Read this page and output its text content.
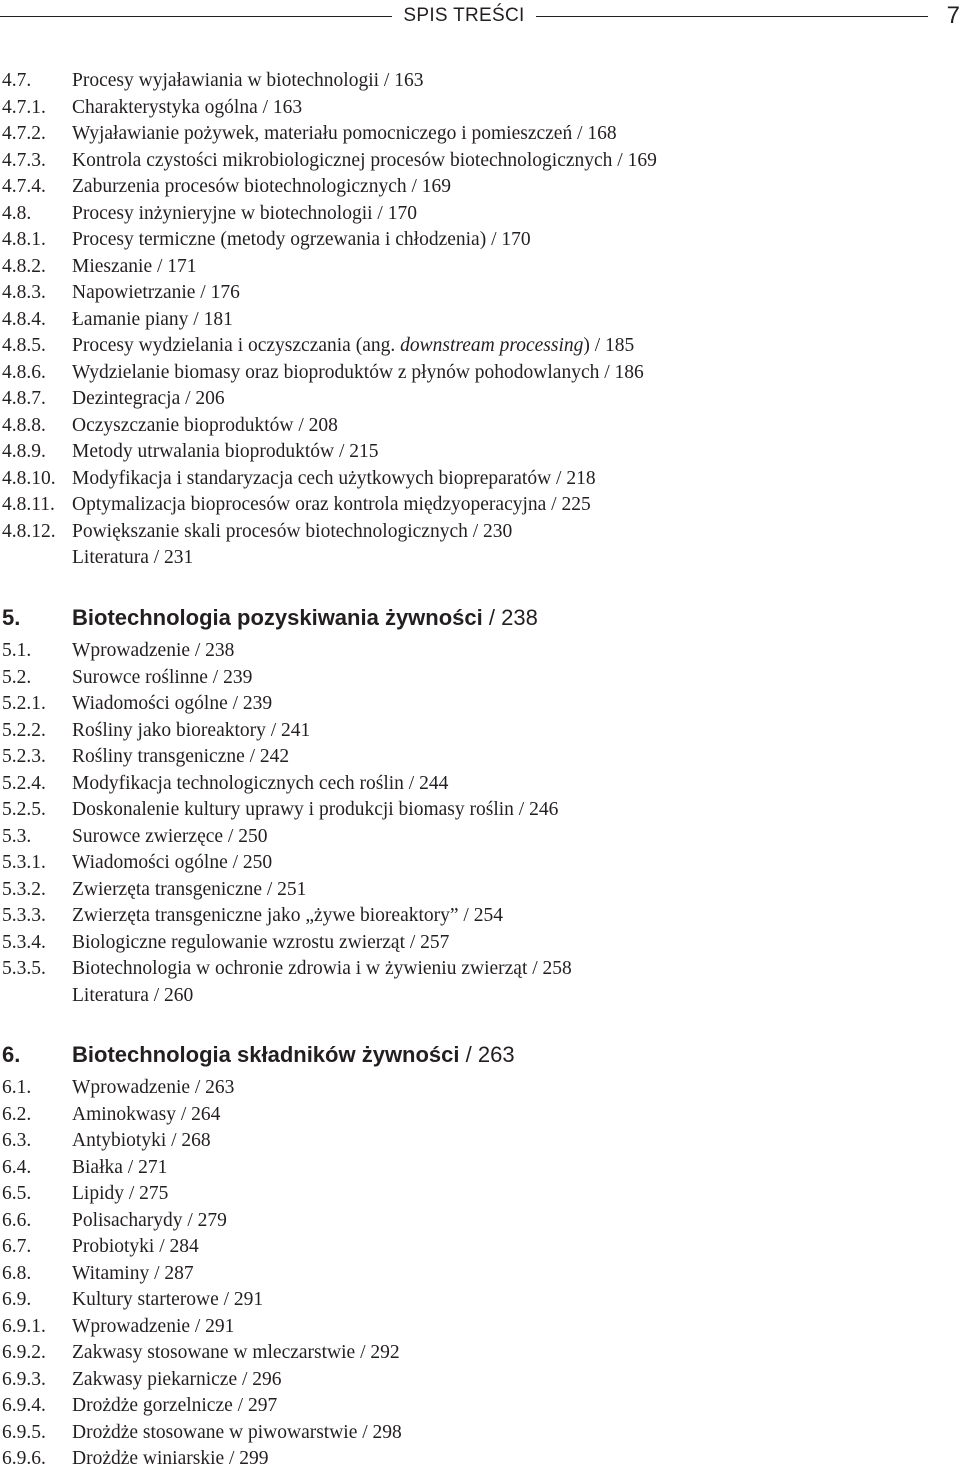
SPIS TREŚCI	7
4.7. Procesy wyjaławiania w biotechnologii / 163
4.7.1. Charakterystyka ogólna / 163
4.7.2. Wyjaławianie pożywek, materiału pomocniczego i pomieszczeń / 168
4.7.3. Kontrola czystości mikrobiologicznej procesów biotechnologicznych / 169
4.7.4. Zaburzenia procesów biotechnologicznych / 169
4.8. Procesy inżynieryjne w biotechnologii / 170
4.8.1. Procesy termiczne (metody ogrzewania i chłodzenia) / 170
4.8.2. Mieszanie / 171
4.8.3. Napowietrzanie / 176
4.8.4. Łamanie piany / 181
4.8.5. Procesy wydzielania i oczyszczania (ang. downstream processing) / 185
4.8.6. Wydzielanie biomasy oraz bioproduktów z płynów pohodowlanych / 186
4.8.7. Dezintegracja / 206
4.8.8. Oczyszczanie bioproduktów / 208
4.8.9. Metody utrwalania bioproduktów / 215
4.8.10. Modyfikacja i standaryzacja cech użytkowych biopreparatów / 218
4.8.11. Optymalizacja bioprocesów oraz kontrola międzyoperacyjna / 225
4.8.12. Powiększanie skali procesów biotechnologicznych / 230
Literatura / 231
5.1. Wprowadzenie / 238
5.2. Surowce roślinne / 239
5.2.1. Wiadomości ogólne / 239
5.2.2. Rośliny jako bioreaktory / 241
5.2.3. Rośliny transgeniczne / 242
5.2.4. Modyfikacja technologicznych cech roślin / 244
5.2.5. Doskonalenie kultury uprawy i produkcji biomasy roślin / 246
5.3. Surowce zwierzęce / 250
5.3.1. Wiadomości ogólne / 250
5.3.2. Zwierzęta transgeniczne / 251
5.3.3. Zwierzęta transgeniczne jako „żywe bioreaktory” / 254
5.3.4. Biologiczne regulowanie wzrostu zwierząt / 257
5.3.5. Biotechnologia w ochronie zdrowia i w żywieniu zwierząt / 258
Literatura / 260
6.1. Wprowadzenie / 263
6.2. Aminokwasy / 264
6.3. Antybiotyki / 268
6.4. Białka / 271
6.5. Lipidy / 275
6.6. Polisacharydy / 279
6.7. Probiotyki / 284
6.8. Witaminy / 287
6.9. Kultury starterowe / 291
6.9.1. Wprowadzenie / 291
6.9.2. Zakwasy stosowane w mleczarstwie / 292
6.9.3. Zakwasy piekarnicze / 296
6.9.4. Drożdże gorzelnicze / 297
6.9.5. Drożdże stosowane w piwowarstwie / 298
6.9.6. Drożdże winiarskie / 299
5. Biotechnologia pozyskiwania żywności / 238
6. Biotechnologia składników żywności / 263
